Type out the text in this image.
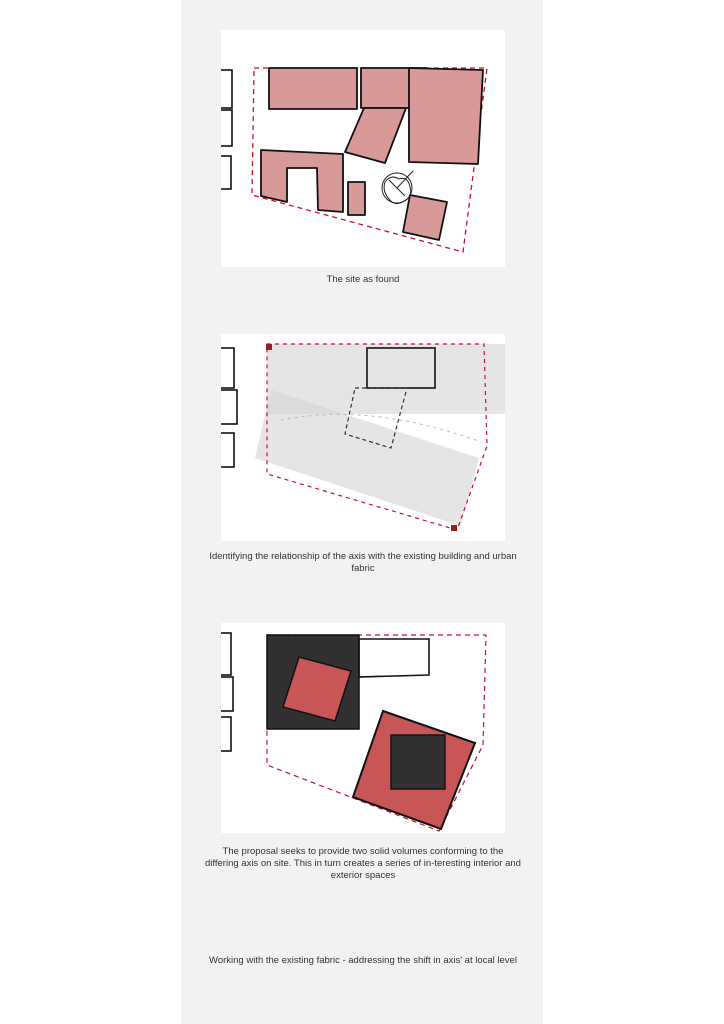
The site as found
Identifying the relationship of the axis with the existing building and urban fabric
The proposal seeks to provide two solid volumes conforming to the differing axis on site. This in turn creates a series of in-teresting interior and exterior spaces
Working with the existing fabric - addressing the shift in axis' at local level
